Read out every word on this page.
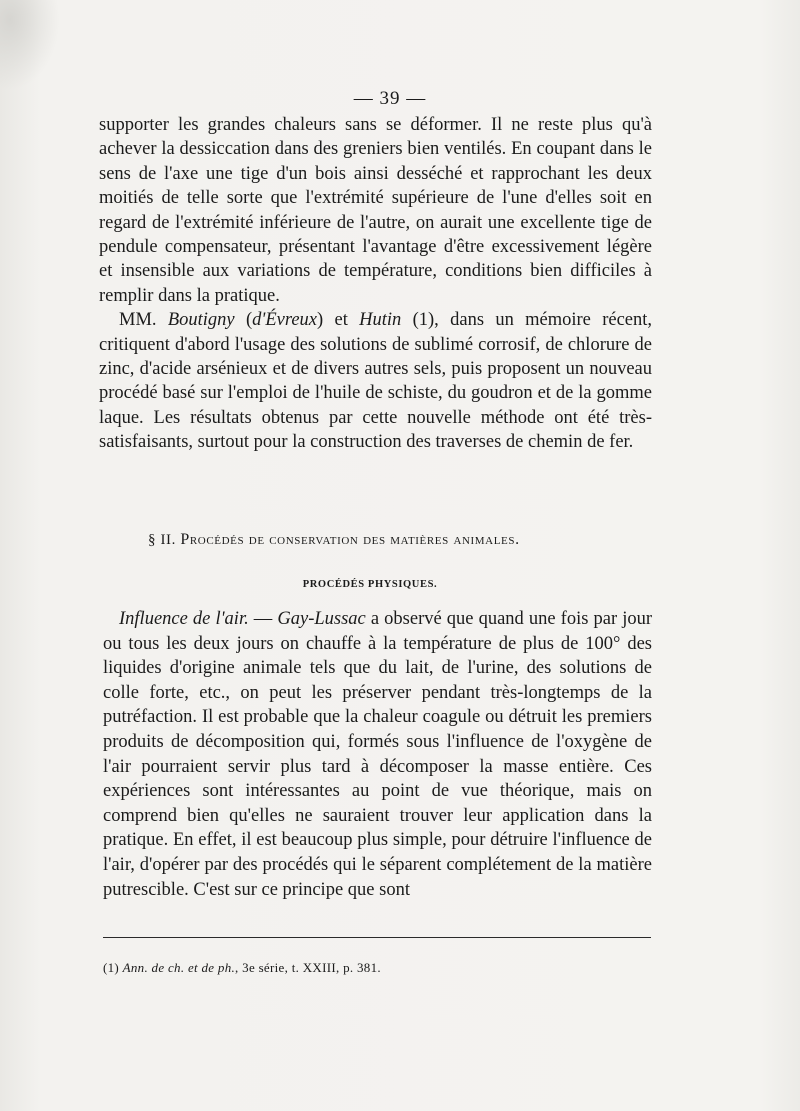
— 39 —

supporter les grandes chaleurs sans se déformer. Il ne reste plus qu'à achever la dessiccation dans des greniers bien ventilés. En coupant dans le sens de l'axe une tige d'un bois ainsi desséché et rapprochant les deux moitiés de telle sorte que l'extrémité supérieure de l'une d'elles soit en regard de l'extrémité inférieure de l'autre, on aurait une excellente tige de pendule compensateur, présentant l'avantage d'être excessivement légère et insensible aux variations de température, conditions bien difficiles à remplir dans la pratique.

MM. Boutigny (d'Évreux) et Hutin (1), dans un mémoire récent, critiquent d'abord l'usage des solutions de sublimé corrosif, de chlorure de zinc, d'acide arsénieux et de divers autres sels, puis proposent un nouveau procédé basé sur l'emploi de l'huile de schiste, du goudron et de la gomme laque. Les résultats obtenus par cette nouvelle méthode ont été très-satisfaisants, surtout pour la construction des traverses de chemin de fer.

§ II. Procédés de conservation des matières animales.
PROCÉDÉS PHYSIQUES.

Influence de l'air. — Gay-Lussac a observé que quand une fois par jour ou tous les deux jours on chauffe à la température de plus de 100° des liquides d'origine animale tels que du lait, de l'urine, des solutions de colle forte, etc., on peut les préserver pendant très-longtemps de la putréfaction. Il est probable que la chaleur coagule ou détruit les premiers produits de décomposition qui, formés sous l'influence de l'oxygène de l'air pourraient servir plus tard à décomposer la masse entière. Ces expériences sont intéressantes au point de vue théorique, mais on comprend bien qu'elles ne sauraient trouver leur application dans la pratique. En effet, il est beaucoup plus simple, pour détruire l'influence de l'air, d'opérer par des procédés qui le séparent complétement de la matière putrescible. C'est sur ce principe que sont

(1) Ann. de ch. et de ph., 3e série, t. XXIII, p. 381.
